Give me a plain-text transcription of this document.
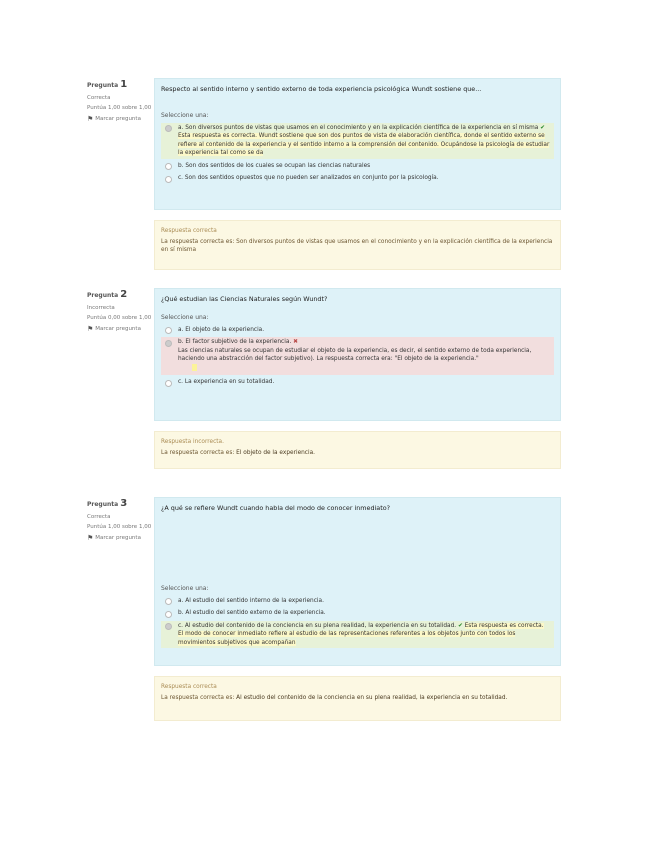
Pregunta 1
Correcta
Puntúa 1,00 sobre 1,00
⚑ Marcar pregunta
Respecto al sentido interno y sentido externo de toda experiencia psicológica Wundt sostiene que...
Seleccione una:
a. Son diversos puntos de vistas que usamos en el conocimiento y en la explicación científica de la experiencia en sí misma ✔ Esta respuesta es correcta. Wundt sostiene que son dos puntos de vista de elaboración científica, donde el sentido externo se refiere al contenido de la experiencia y el sentido interno a la comprensión del contenido. Ocupándose la psicología de estudiar la experiencia tal como se da
b. Son dos sentidos de los cuales se ocupan las ciencias naturales
c. Son dos sentidos opuestos que no pueden ser analizados en conjunto por la psicología.
Respuesta correcta
La respuesta correcta es: Son diversos puntos de vistas que usamos en el conocimiento y en la explicación científica de la experiencia en sí misma
Pregunta 2
Incorrecta
Puntúa 0,00 sobre 1,00
⚑ Marcar pregunta
¿Qué estudian las Ciencias Naturales según Wundt?
Seleccione una:
a. El objeto de la experiencia.
b. El factor subjetivo de la experiencia. ✖
Las ciencias naturales se ocupan de estudiar el objeto de la experiencia, es decir, el sentido externo de toda experiencia, haciendo una abstracción del factor subjetivo). La respuesta correcta era: "El objeto de la experiencia."

c. La experiencia en su totalidad.
Respuesta incorrecta.
La respuesta correcta es: El objeto de la experiencia.
Pregunta 3
Correcta
Puntúa 1,00 sobre 1,00
⚑ Marcar pregunta
¿A qué se refiere Wundt cuando habla del modo de conocer inmediato?
Seleccione una:
a. Al estudio del sentido interno de la experiencia.
b. Al estudio del sentido externo de la experiencia.
c. Al estudio del contenido de la conciencia en su plena realidad, la experiencia en su totalidad. ✔ Esta respuesta es correcta. El modo de conocer inmediato refiere al estudio de las representaciones referentes a los objetos junto con todos los movimientos subjetivos que acompañan
Respuesta correcta
La respuesta correcta es: Al estudio del contenido de la conciencia en su plena realidad, la experiencia en su totalidad.
